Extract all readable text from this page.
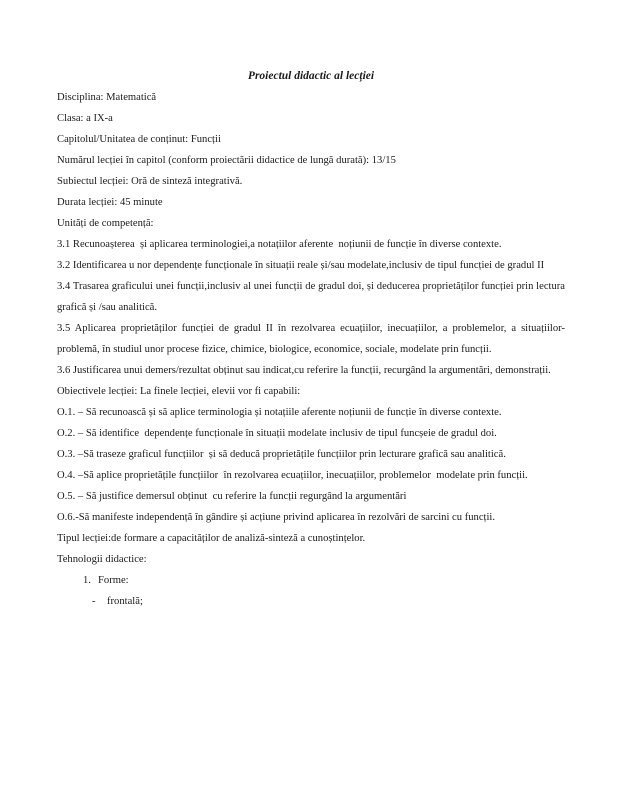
Proiectul didactic al lecției

Disciplina: Matematică

Clasa: a IX-a

Capitolul/Unitatea de conținut: Funcții

Numărul lecției în capitol (conform proiectării didactice de lungă durată): 13/15

Subiectul lecției: Oră de sinteză integrativă.

Durata lecției: 45 minute

Unități de competență:

3.1 Recunoașterea  și aplicarea terminologiei,a notațiilor aferente  noțiunii de funcție în diverse contexte.

3.2 Identificarea u nor dependențe funcționale în situații reale și/sau modelate,inclusiv de tipul funcției de gradul II

3.4 Trasarea graficului unei funcții,inclusiv al unei funcții de gradul doi, și deducerea proprietăților funcției prin lectura grafică și /sau analitică.

3.5 Aplicarea proprietăților funcției de gradul II în rezolvarea ecuațiilor, inecuațiilor, a problemelor, a situațiilor-problemă, în studiul unor procese fizice, chimice, biologice, economice, sociale, modelate prin funcții.

3.6 Justificarea unui demers/rezultat obținut sau indicat,cu referire la funcții, recurgând la argumentări, demonstrații.

Obiectivele lecției: La finele lecției, elevii vor fi capabili:

O.1. – Să recunoască și să aplice terminologia și notațiile aferente noțiunii de funcție în diverse contexte.

O.2. – Să identifice  dependențe funcționale în situații modelate inclusiv de tipul funcșeie de gradul doi.

O.3. –Să traseze graficul funcțiilor  și să deducă proprietățile funcțiilor prin lecturare grafică sau analitică.

O.4. –Să aplice proprietățile funcțiilor  în rezolvarea ecuațiilor, inecuațiilor, problemelor  modelate prin funcții.

O.5. – Să justifice demersul obținut  cu referire la funcții regurgând la argumentări

O.6.-Să manifeste independență în gândire și acțiune privind aplicarea în rezolvări de sarcini cu funcții.

Tipul lecției:de formare a capacităților de analiză-sinteză a cunoștințelor.

Tehnologii didactice:

1. Forme:
-	frontală;
